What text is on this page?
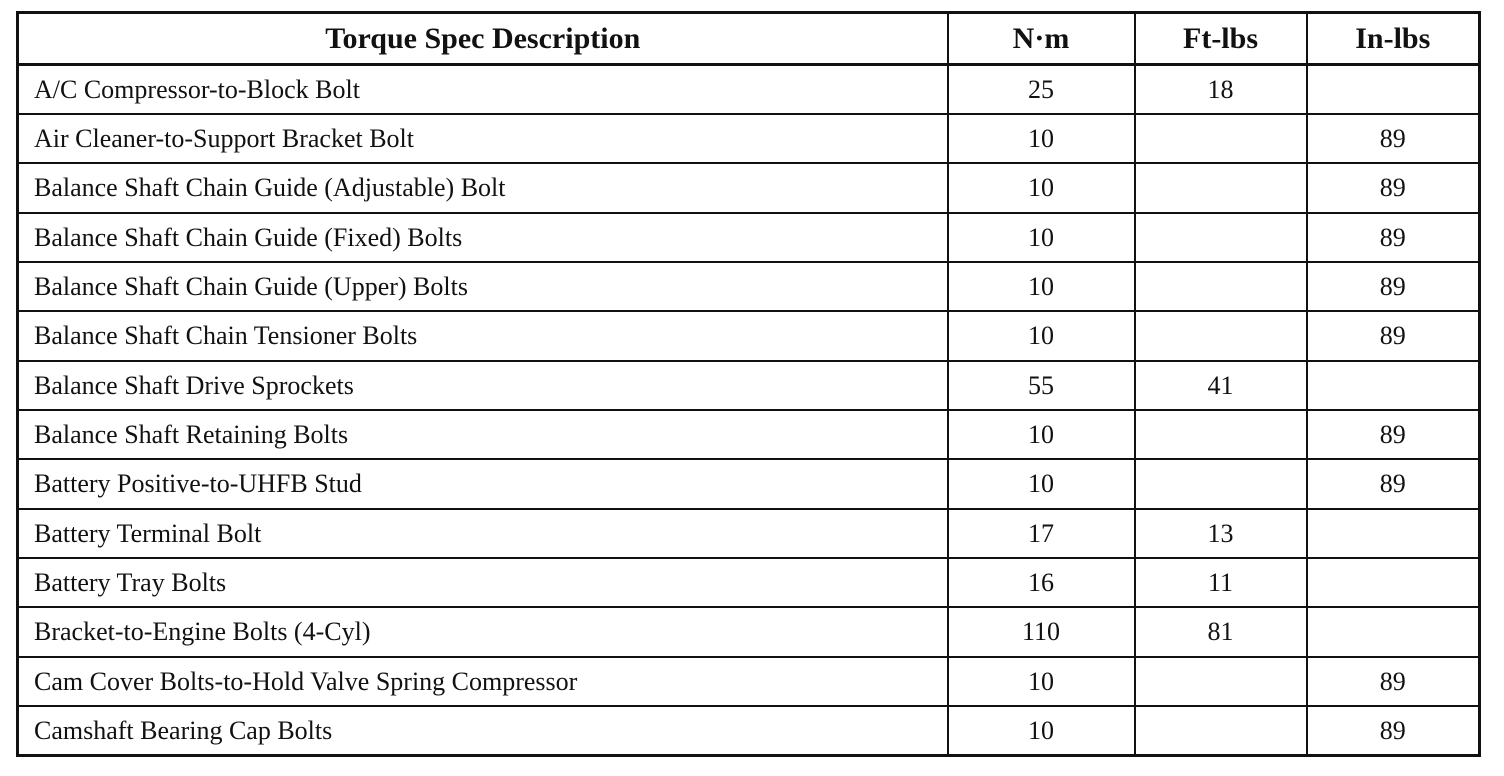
Torque Spec Description	N·m	Ft-lbs	In-lbs
A/C Compressor-to-Block Bolt	25	18	
Air Cleaner-to-Support Bracket Bolt	10		89
Balance Shaft Chain Guide (Adjustable) Bolt	10		89
Balance Shaft Chain Guide (Fixed) Bolts	10		89
Balance Shaft Chain Guide (Upper) Bolts	10		89
Balance Shaft Chain Tensioner Bolts	10		89
Balance Shaft Drive Sprockets	55	41	
Balance Shaft Retaining Bolts	10		89
Battery Positive-to-UHFB Stud	10		89
Battery Terminal Bolt	17	13	
Battery Tray Bolts	16	11	
Bracket-to-Engine Bolts (4-Cyl)	110	81	
Cam Cover Bolts-to-Hold Valve Spring Compressor	10		89
Camshaft Bearing Cap Bolts	10		89
